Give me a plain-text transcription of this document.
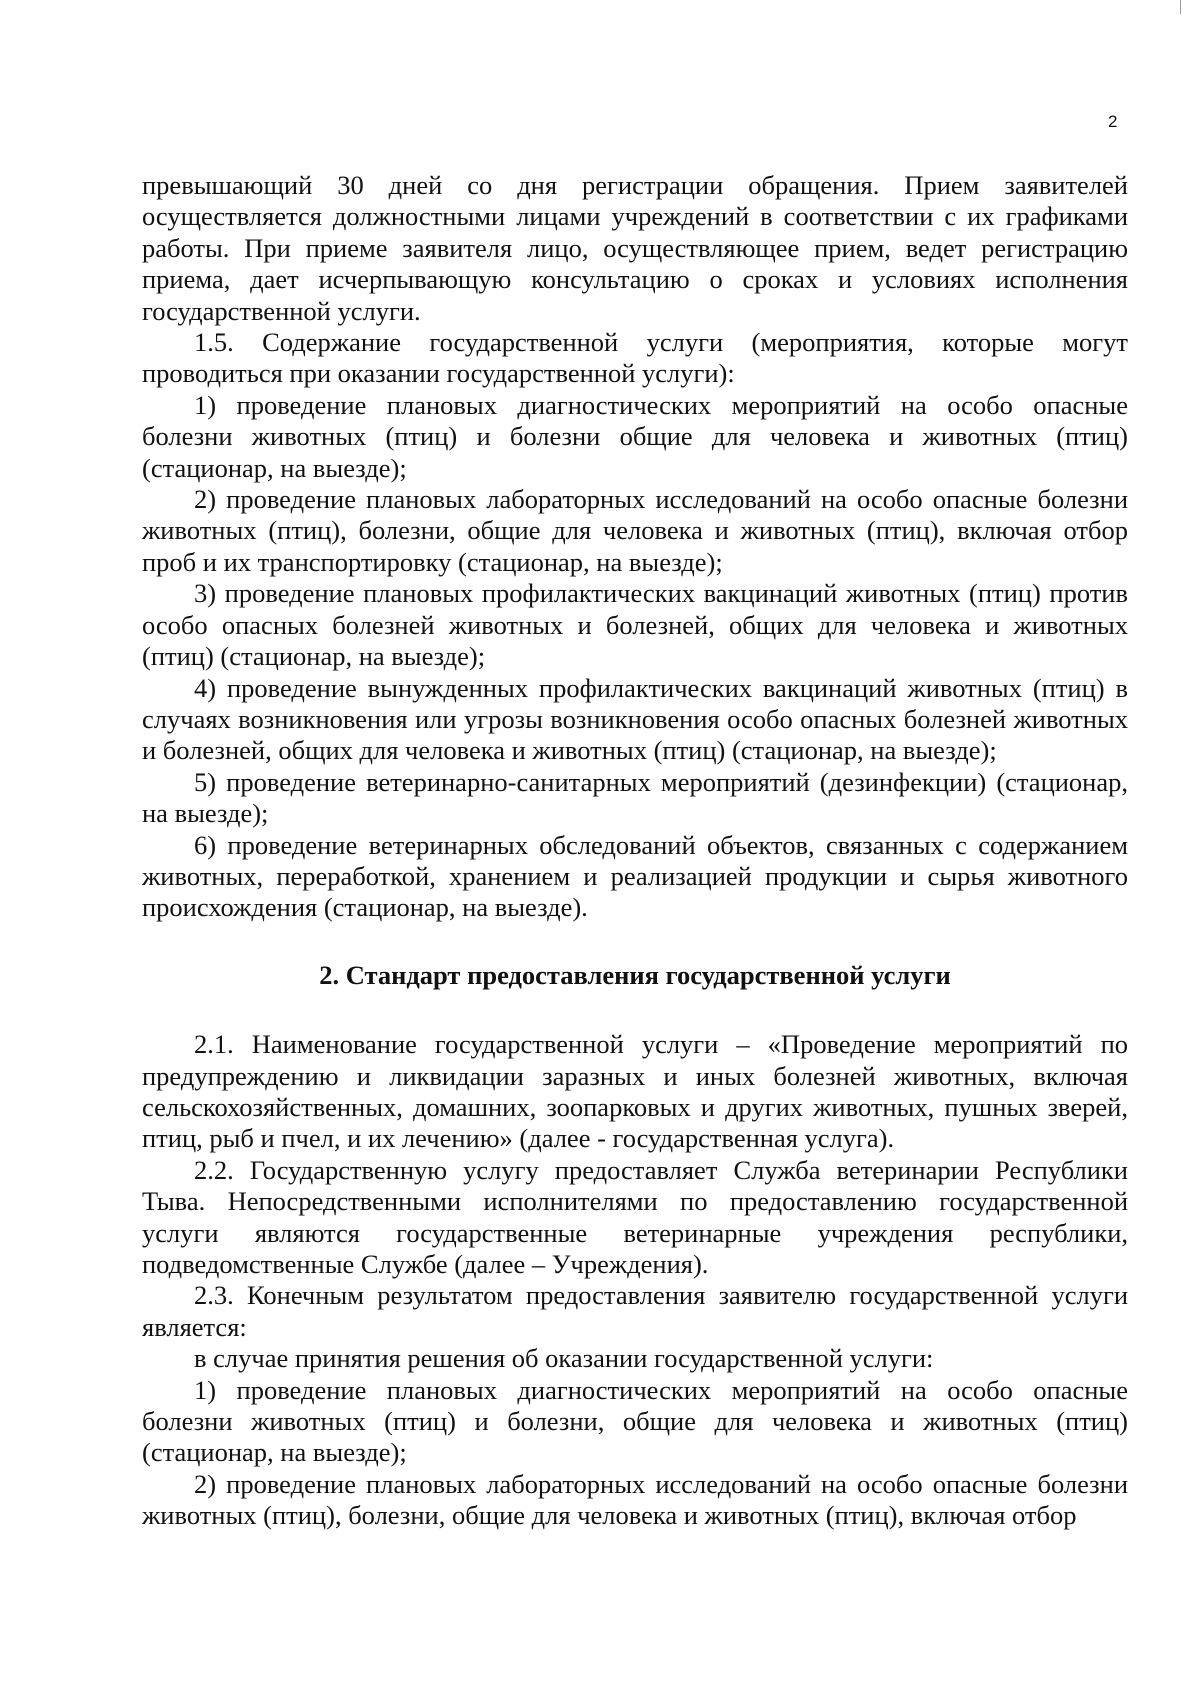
2

превышающий 30 дней со дня регистрации обращения. Прием заявителей осуществляется должностными лицами учреждений в соответствии с их графиками работы. При приеме заявителя лицо, осуществляющее прием, ведет регистрацию приема, дает исчерпывающую консультацию о сроках и условиях исполнения государственной услуги.

1.5. Содержание государственной услуги (мероприятия, которые могут проводиться при оказании государственной услуги):

1) проведение плановых диагностических мероприятий на особо опасные болезни животных (птиц) и болезни общие для человека и животных (птиц) (стационар, на выезде);

2) проведение плановых лабораторных исследований на особо опасные болезни животных (птиц), болезни, общие для человека и животных (птиц), включая отбор проб и их транспортировку (стационар, на выезде);

3) проведение плановых профилактических вакцинаций животных (птиц) против особо опасных болезней животных и болезней, общих для человека и животных (птиц) (стационар, на выезде);

4) проведение вынужденных профилактических вакцинаций животных (птиц) в случаях возникновения или угрозы возникновения особо опасных болезней животных и болезней, общих для человека и животных (птиц) (стационар, на выезде);

5) проведение ветеринарно-санитарных мероприятий (дезинфекции) (стационар, на выезде);

6) проведение ветеринарных обследований объектов, связанных с содержанием животных, переработкой, хранением и реализацией продукции и сырья животного происхождения (стационар, на выезде).

2. Стандарт предоставления государственной услуги

2.1. Наименование государственной услуги – «Проведение мероприятий по предупреждению и ликвидации заразных и иных болезней животных, включая сельскохозяйственных, домашних, зоопарковых и других животных, пушных зверей, птиц, рыб и пчел, и их лечению» (далее - государственная услуга).

2.2. Государственную услугу предоставляет Служба ветеринарии Республики Тыва. Непосредственными исполнителями по предоставлению государственной услуги являются государственные ветеринарные учреждения республики, подведомственные Службе (далее – Учреждения).

2.3. Конечным результатом предоставления заявителю государственной услуги является:

в случае принятия решения об оказании государственной услуги:

1) проведение плановых диагностических мероприятий на особо опасные болезни животных (птиц) и болезни, общие для человека и животных (птиц) (стационар, на выезде);

2) проведение плановых лабораторных исследований на особо опасные болезни животных (птиц), болезни, общие для человека и животных (птиц), включая отбор
